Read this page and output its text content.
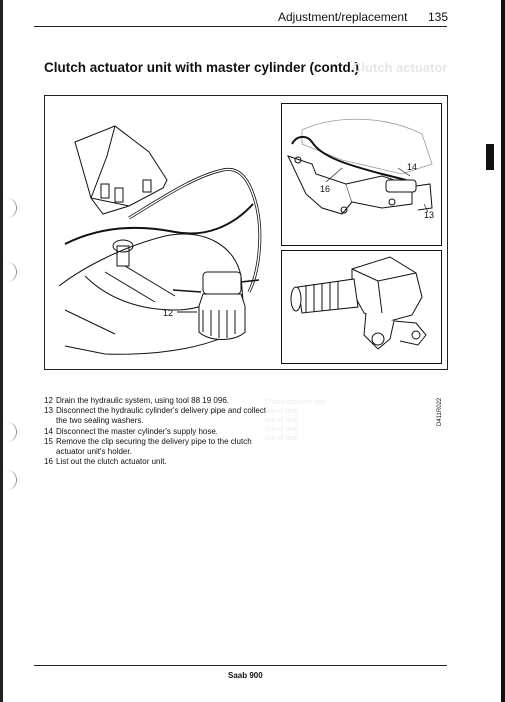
Adjustment/replacement 135
Clutch actuator unit with master cylinder (contd.)
Clutch actuator
12
16
14
13
D411R022

12 Drain the hydraulic system, using tool 88 19 096.

13 Disconnect the hydraulic cylinder's delivery pipe and collect the two sealing washers.

14 Disconnect the master cylinder's supply hose.

15 Remove the clip securing the delivery pipe to the clutch actuator unit's holder.

16 List out the clutch actuator unit.

Clutch actuator unit
line of text
line of text
line of text
line of text
Saab 900
